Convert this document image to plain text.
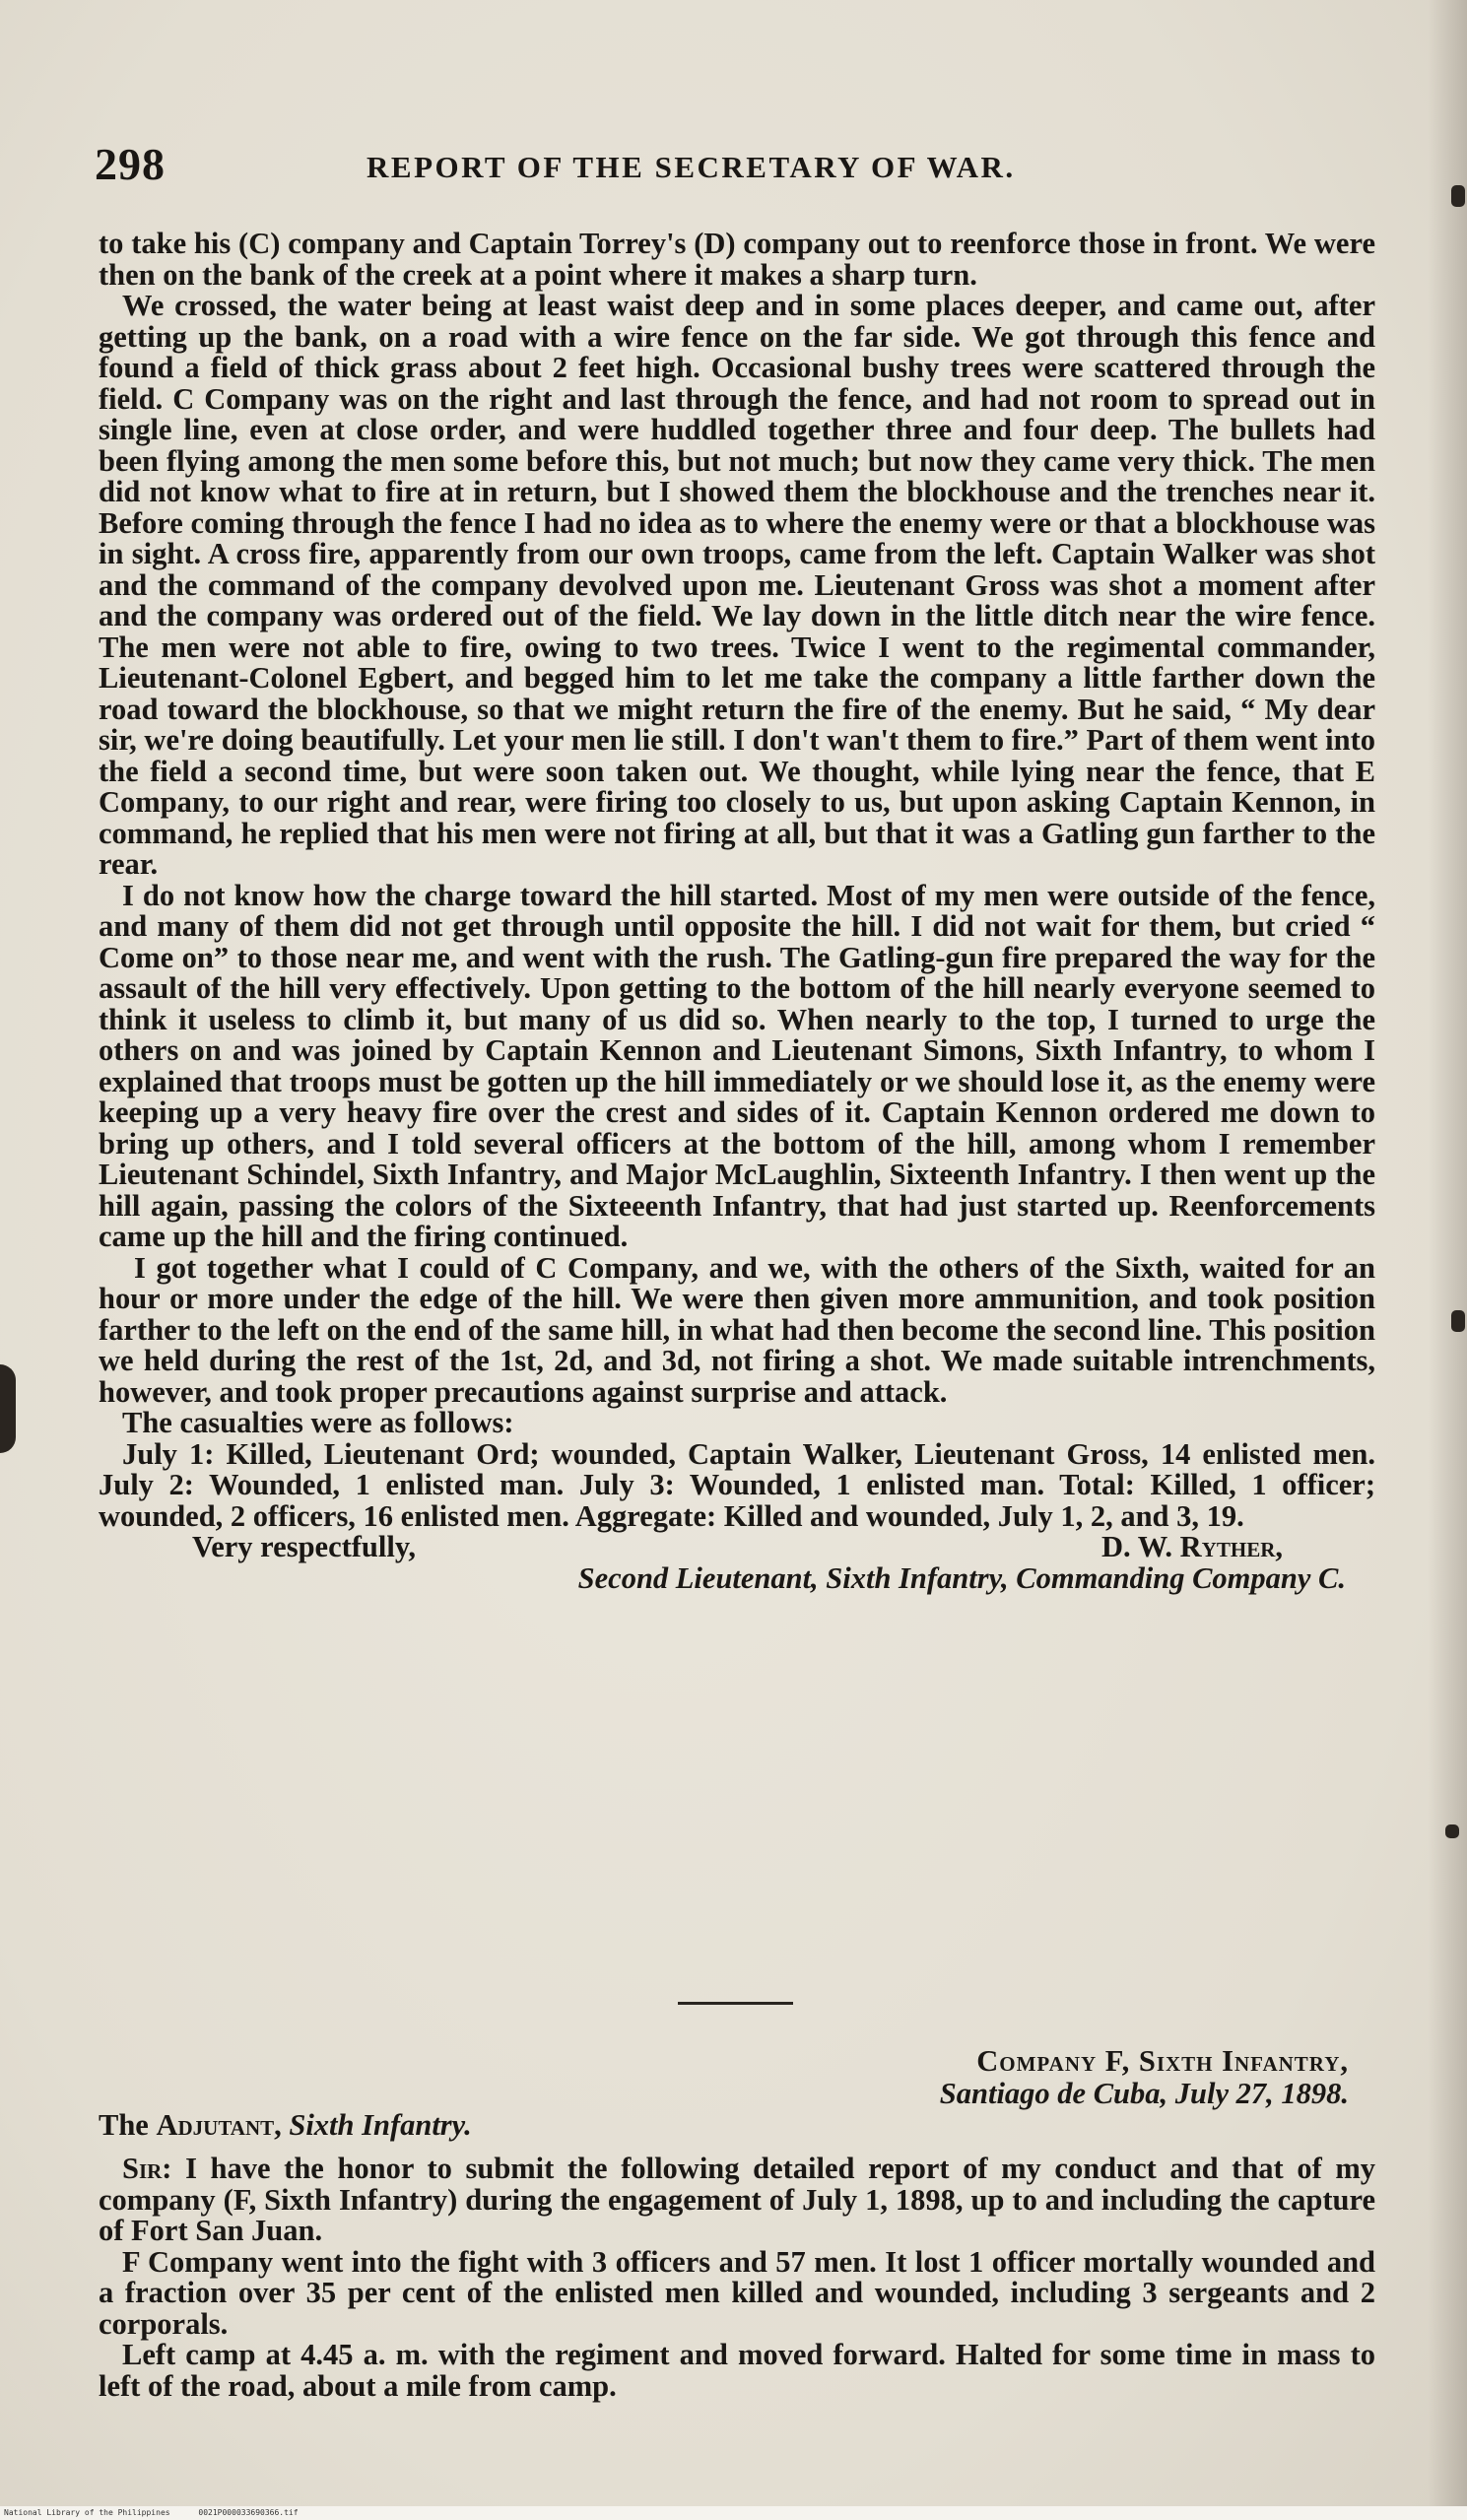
298	REPORT OF THE SECRETARY OF WAR.

to take his (C) company and Captain Torrey's (D) company out to reenforce those in front. We were then on the bank of the creek at a point where it makes a sharp turn.

We crossed, the water being at least waist deep and in some places deeper, and came out, after getting up the bank, on a road with a wire fence on the far side. We got through this fence and found a field of thick grass about 2 feet high. Occasional bushy trees were scattered through the field. C Company was on the right and last through the fence, and had not room to spread out in single line, even at close order, and were huddled together three and four deep. The bullets had been flying among the men some before this, but not much; but now they came very thick. The men did not know what to fire at in return, but I showed them the blockhouse and the trenches near it. Before coming through the fence I had no idea as to where the enemy were or that a blockhouse was in sight. A cross fire, apparently from our own troops, came from the left. Captain Walker was shot and the command of the company devolved upon me. Lieutenant Gross was shot a moment after and the company was ordered out of the field. We lay down in the little ditch near the wire fence. The men were not able to fire, owing to two trees. Twice I went to the regimental commander, Lieutenant-Colonel Egbert, and begged him to let me take the company a little farther down the road toward the blockhouse, so that we might return the fire of the enemy. But he said, “ My dear sir, we're doing beautifully. Let your men lie still. I don't wan't them to fire.” Part of them went into the field a second time, but were soon taken out. We thought, while lying near the fence, that E Company, to our right and rear, were firing too closely to us, but upon asking Captain Kennon, in command, he replied that his men were not firing at all, but that it was a Gatling gun farther to the rear.

I do not know how the charge toward the hill started. Most of my men were outside of the fence, and many of them did not get through until opposite the hill. I did not wait for them, but cried “ Come on” to those near me, and went with the rush. The Gatling-gun fire prepared the way for the assault of the hill very effectively. Upon getting to the bottom of the hill nearly everyone seemed to think it useless to climb it, but many of us did so. When nearly to the top, I turned to urge the others on and was joined by Captain Kennon and Lieutenant Simons, Sixth Infantry, to whom I explained that troops must be gotten up the hill immediately or we should lose it, as the enemy were keeping up a very heavy fire over the crest and sides of it. Captain Kennon ordered me down to bring up others, and I told several officers at the bottom of the hill, among whom I remember Lieutenant Schindel, Sixth Infantry, and Major McLaughlin, Sixteenth Infantry. I then went up the hill again, passing the colors of the Sixteeenth Infantry, that had just started up. Reenforcements came up the hill and the firing continued.

I got together what I could of C Company, and we, with the others of the Sixth, waited for an hour or more under the edge of the hill. We were then given more ammunition, and took position farther to the left on the end of the same hill, in what had then become the second line. This position we held during the rest of the 1st, 2d, and 3d, not firing a shot. We made suitable intrenchments, however, and took proper precautions against surprise and attack.

The casualties were as follows:

July 1: Killed, Lieutenant Ord; wounded, Captain Walker, Lieutenant Gross, 14 enlisted men. July 2: Wounded, 1 enlisted man. July 3: Wounded, 1 enlisted man. Total: Killed, 1 officer; wounded, 2 officers, 16 enlisted men. Aggregate: Killed and wounded, July 1, 2, and 3, 19.

Very respectfully,	D. W. Ryther,

Second Lieutenant, Sixth Infantry, Commanding Company C.

Company F, Sixth Infantry,
Santiago de Cuba, July 27, 1898.
The Adjutant, Sixth Infantry.

Sir: I have the honor to submit the following detailed report of my conduct and that of my company (F, Sixth Infantry) during the engagement of July 1, 1898, up to and including the capture of Fort San Juan.

F Company went into the fight with 3 officers and 57 men. It lost 1 officer mortally wounded and a fraction over 35 per cent of the enlisted men killed and wounded, including 3 sergeants and 2 corporals.

Left camp at 4.45 a. m. with the regiment and moved forward. Halted for some time in mass to left of the road, about a mile from camp.

National Library of the Philippines	0021P000033690366.tif
